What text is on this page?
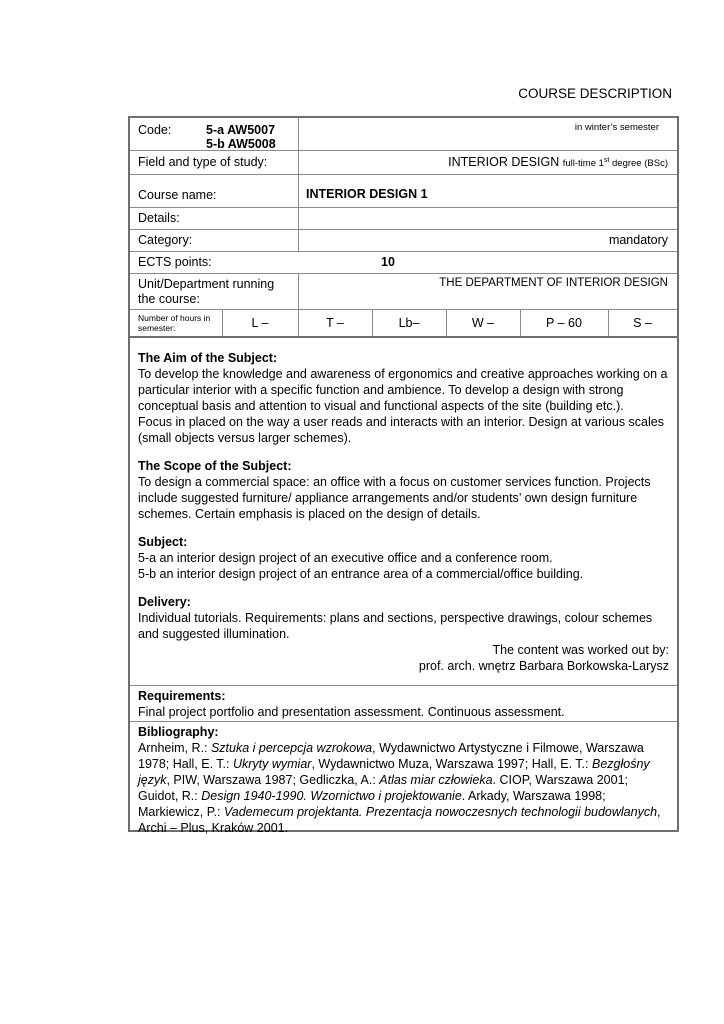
COURSE DESCRIPTION
Code:	5-a AW5007
5-b AW5008
in winter’s semester
Field and type of study:	INTERIOR DESIGN full-time 1st degree (BSc)
Course name:	INTERIOR DESIGN 1
Details:
Category:	mandatory
ECTS points:	10
Unit/Department running the course:
THE DEPARTMENT OF INTERIOR DESIGN
Number of hours in semester:	L –	T –	Lb–	W –	P – 60	S –

The Aim of the Subject:

To develop the knowledge and awareness of ergonomics and creative approaches working on a particular interior with a specific function and ambience. To develop a design with strong conceptual basis and attention to visual and functional aspects of the site (building etc.).

Focus in placed on the way a user reads and interacts with an interior. Design at various scales (small objects versus larger schemes).

The Scope of the Subject:

To design a commercial space: an office with a focus on customer services function. Projects include suggested furniture/ appliance arrangements and/or students’ own design furniture schemes. Certain emphasis is placed on the design of details.

Subject:

5-a an interior design project of an executive office and a conference room.

5-b an interior design project of an entrance area of a commercial/office building.

Delivery:

Individual tutorials. Requirements: plans and sections, perspective drawings, colour schemes and suggested illumination.

The content was worked out by:

prof. arch. wnętrz Barbara Borkowska-Larysz

Requirements:

Final project portfolio and presentation assessment. Continuous assessment.

Bibliography:

Arnheim, R.: Sztuka i percepcja wzrokowa, Wydawnictwo Artystyczne i Filmowe, Warszawa 1978; Hall, E. T.: Ukryty wymiar, Wydawnictwo Muza, Warszawa 1997; Hall, E. T.: Bezgłośny język, PIW, Warszawa 1987; Gedliczka, A.: Atlas miar człowieka. CIOP, Warszawa 2001; Guidot, R.: Design 1940-1990. Wzornictwo i projektowanie. Arkady, Warszawa 1998; Markiewicz, P.: Vademecum projektanta. Prezentacja nowoczesnych technologii budowlanych, Archi – Plus, Kraków 2001.
